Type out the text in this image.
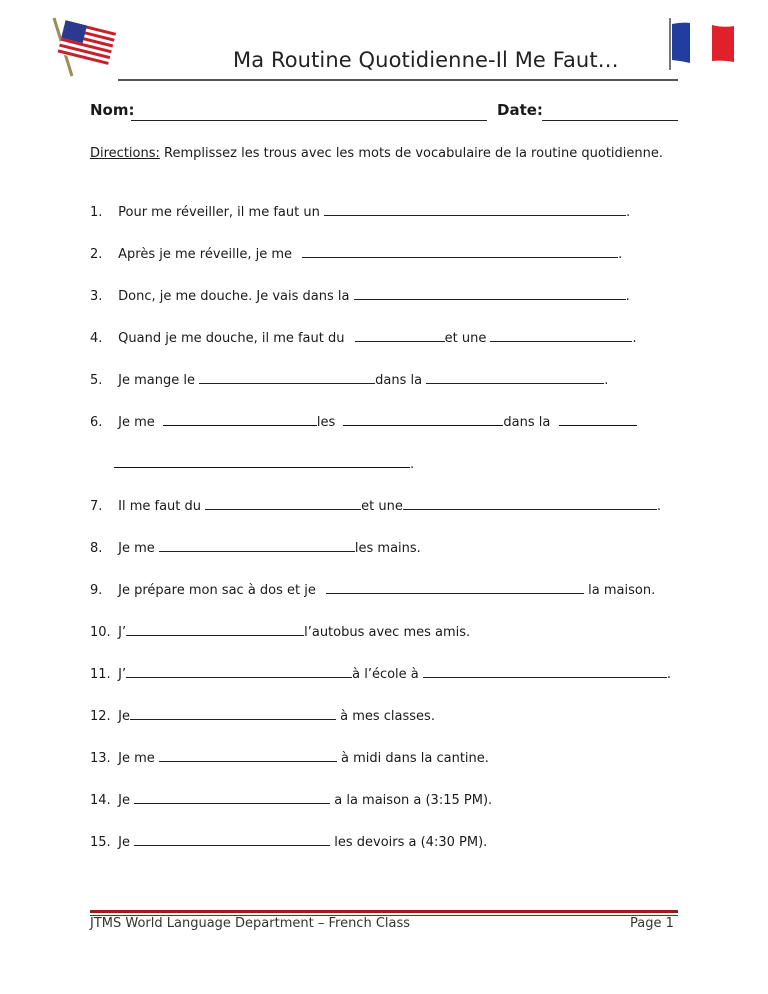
Ma Routine Quotidienne-Il Me Faut…
Nom:	Date:
Directions: Remplissez les trous avec les mots de vocabulaire de la routine quotidienne.
1. Pour me réveiller, il me faut un	.
2. Après je me réveille, je me	.
3. Donc, je me douche. Je vais dans la	.
4. Quand je me douche, il me faut du	et une	.
5. Je mange le	dans la	.
6. Je me	les	dans la
.
7. Il me faut du	et une	.
8. Je me	les mains.
9. Je prépare mon sac à dos et je	la maison.
10. J’	l’autobus avec mes amis.
11. J’	à l’école à	.
12. Je	à mes classes.
13. Je me	à midi dans la cantine.
14. Je	a la maison a (3:15 PM).
15. Je	les devoirs a (4:30 PM).
JTMS World Language Department – French Class	Page 1
